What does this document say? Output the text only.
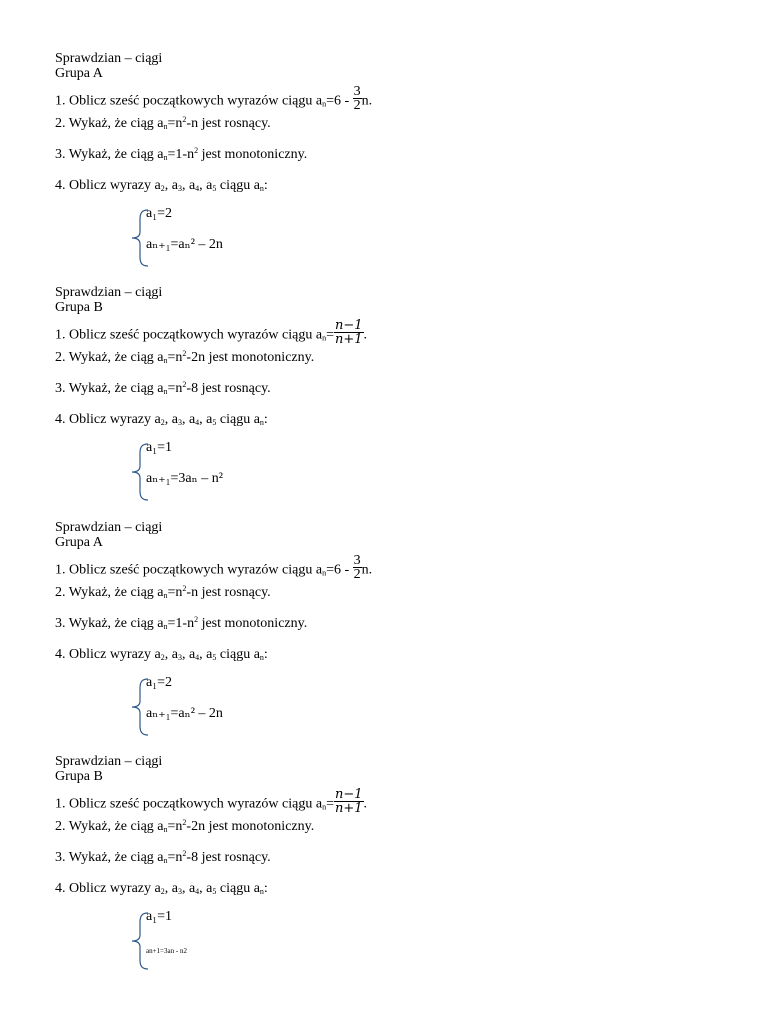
Sprawdzian – ciągi
Grupa A
1. Oblicz sześć początkowych wyrazów ciągu $a_n=6 - \frac{3}{2} n$.
2. Wykaż, że ciąg $a_n=n^2-n$ jest rosnący.
3. Wykaż, że ciąg $a_n=1-n^2$ jest monotoniczny.
4. Oblicz wyrazy $a_2$, $a_3$, $a_4$, $a_5$ ciągu $a_n$:
a₁=2
aₙ₊₁=aₙ² – 2n
Sprawdzian – ciągi
Grupa B
1. Oblicz sześć początkowych wyrazów ciągu $a_n= \frac{n-1}{n+1}$ .
2. Wykaż, że ciąg $a_n=n^2-2n$ jest monotoniczny.
3. Wykaż, że ciąg $a_n=n^2-8$ jest rosnący.
4. Oblicz wyrazy $a_2$, $a_3$, $a_4$, $a_5$ ciągu $a_n$:
a₁=1
aₙ₊₁=3aₙ – n²
Sprawdzian – ciągi
Grupa A
1. Oblicz sześć początkowych wyrazów ciągu $a_n=6 - \frac{3}{2} n$.
2. Wykaż, że ciąg $a_n=n^2-n$ jest rosnący.
3. Wykaż, że ciąg $a_n=1-n^2$ jest monotoniczny.
4. Oblicz wyrazy $a_2$, $a_3$, $a_4$, $a_5$ ciągu $a_n$:
a₁=2
aₙ₊₁=aₙ² – 2n
Sprawdzian – ciągi
Grupa B
1. Oblicz sześć początkowych wyrazów ciągu $a_n= \frac{n-1}{n+1}$ .
2. Wykaż, że ciąg $a_n=n^2-2n$ jest monotoniczny.
3. Wykaż, że ciąg $a_n=n^2-8$ jest rosnący.
4. Oblicz wyrazy $a_2$, $a_3$, $a_4$, $a_5$ ciągu $a_n$:
a₁=1
an+1=3an - n2
